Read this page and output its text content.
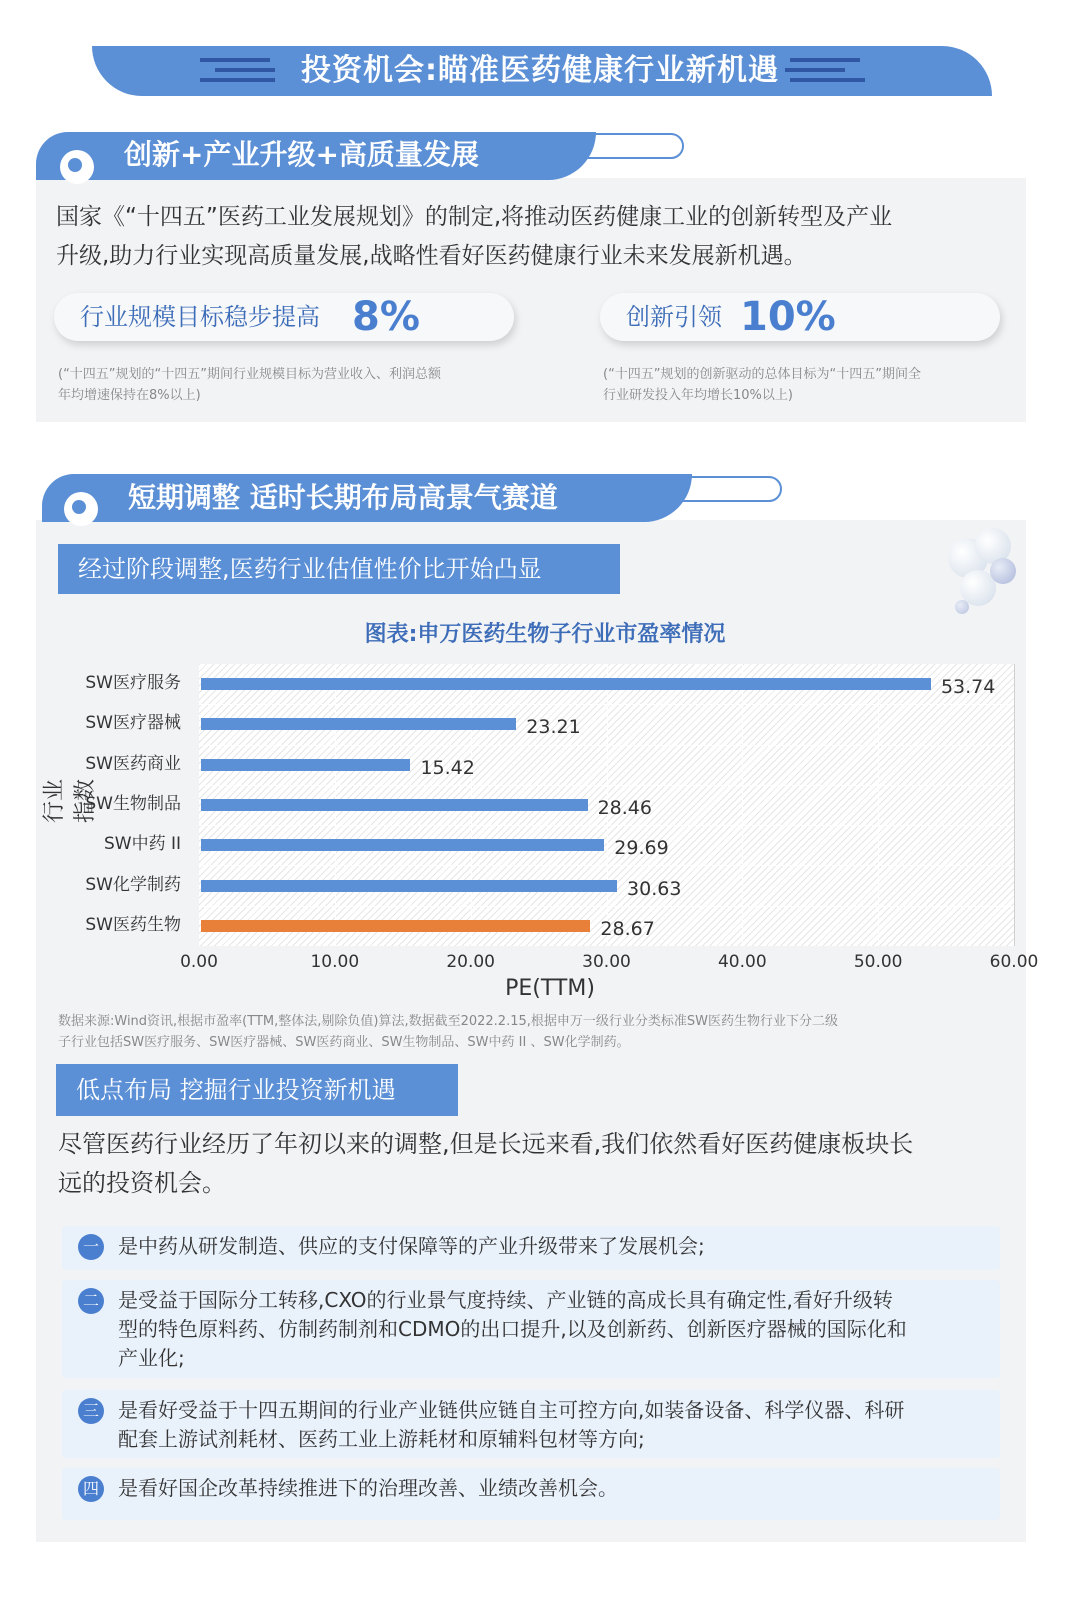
投资机会:瞄准医药健康行业新机遇
创新+产业升级+高质量发展
国家《“十四五”医药工业发展规划》的制定,将推动医药健康工业的创新转型及产业
升级,助力行业实现高质量发展,战略性看好医药健康行业未来发展新机遇。
行业规模目标稳步提高 8%
(“十四五”规划的“十四五”期间行业规模目标为营业收入、利润总额
年均增速保持在8%以上)
创新引领 10%
(“十四五”规划的创新驱动的总体目标为“十四五”期间全
行业研发投入年均增长10%以上)
短期调整 适时长期布局高景气赛道
经过阶段调整,医药行业估值性价比开始凸显
图表:申万医药生物子行业市盈率情况
行业指数
0.00	10.00	20.00	30.00	40.00	50.00	60.00
SW医疗服务	53.74
SW医疗器械	23.21
SW医药商业	15.42
SW生物制品	28.46
SW中药 II	29.69
SW化学制药	30.63
SW医药生物	28.67
PE(TTM)
数据来源:Wind资讯,根据市盈率(TTM,整体法,剔除负值)算法,数据截至2022.2.15,根据申万一级行业分类标准SW医药生物行业下分二级
子行业包括SW医疗服务、SW医疗器械、SW医药商业、SW生物制品、SW中药 II 、SW化学制药。
低点布局 挖掘行业投资新机遇
尽管医药行业经历了年初以来的调整,但是长远来看,我们依然看好医药健康板块长
远的投资机会。
一 是中药从研发制造、供应的支付保障等的产业升级带来了发展机会;
二 是受益于国际分工转移,CXO的行业景气度持续、产业链的高成长具有确定性,看好升级转
型的特色原料药、仿制药制剂和CDMO的出口提升,以及创新药、创新医疗器械的国际化和
产业化;
三 是看好受益于十四五期间的行业产业链供应链自主可控方向,如装备设备、科学仪器、科研
配套上游试剂耗材、医药工业上游耗材和原辅料包材等方向;
四 是看好国企改革持续推进下的治理改善、业绩改善机会。
